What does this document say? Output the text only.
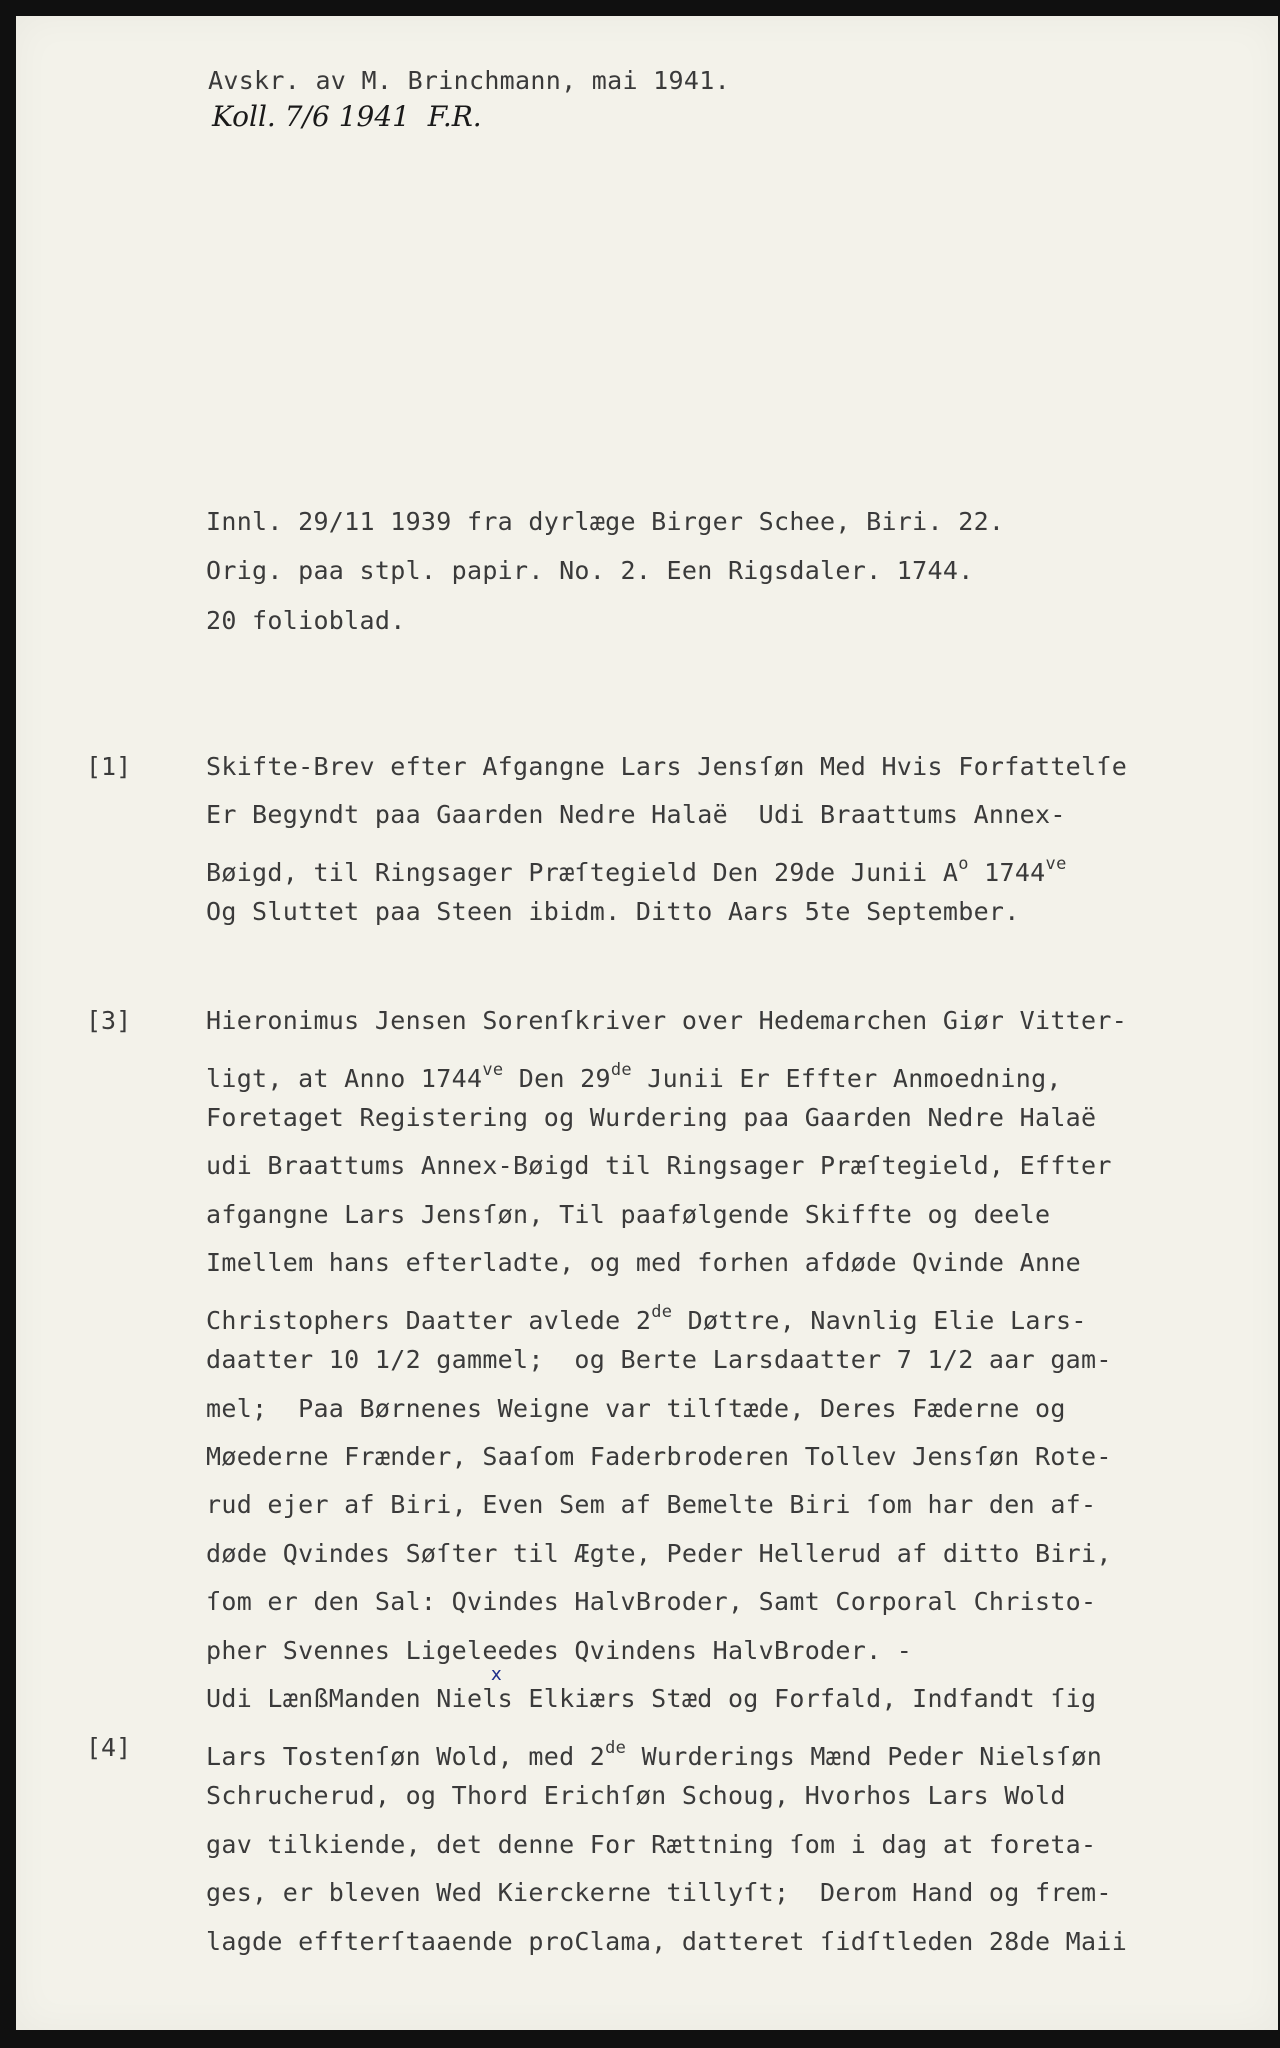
Avskr. av M. Brinchmann, mai 1941.
Koll. 7/6 1941  F.R.
Innl. 29/11 1939 fra dyrlæge Birger Schee, Biri. 22.
Orig. paa stpl. papir. No. 2. Een Rigsdaler. 1744.
20 folioblad.
[1]	Skifte-Brev efter Afgangne Lars Jensſøn Med Hvis Forfattelſe
Er Begyndt paa Gaarden Nedre Halaë  Udi Braattums Annex-
Bøigd, til Ringsager Præſtegield Den 29de Junii $A^o$ $1744^{ve}$
Og Sluttet paa Steen ibidm. Ditto Aars 5te September.
[3]	Hieronimus Jensen Sorenſkriver over Hedemarchen Giør Vitter-
ligt, at Anno $1744^{ve}$ Den 29de Junii Er Effter Anmoedning,
Foretaget Registering og Wurdering paa Gaarden Nedre Halaë
udi Braattums Annex-Bøigd til Ringsager Præſtegield, Effter
afgangne Lars Jensſøn, Til paafølgende Skiffte og deele
Imellem hans efterladte, og med forhen afdøde Qvinde Anne
Christophers Daatter avlede 2de Døttre, Navnlig Elie Lars-
daatter 10 1/2 gammel;  og Berte Larsdaatter 7 1/2 aar gam-
mel;  Paa Børnenes Weigne var tilſtæde, Deres Fæderne og
Møederne Frænder, Saaſom Faderbroderen Tollev Jensſøn Rote-
rud ejer af Biri, Even Sem af Bemelte Biri ſom har den af-
døde Qvindes Søſter til Ægte, Peder Hellerud af ditto Biri,
ſom er den Sal: Qvindes HalvBroder, Samt Corporal Christo-
pher Svennes Ligeleedes Qvindens HalvBroder. -
x
Udi LænßManden Niels Elkiærs Stæd og Forfald, Indfandt ſig
[4]	Lars Tostenſøn Wold, med 2de Wurderings Mænd Peder Nielsſøn
Schrucherud, og Thord Erichſøn Schoug, Hvorhos Lars Wold
gav tilkiende, det denne For Rættning ſom i dag at foreta-
ges, er bleven Wed Kierckerne tillyſt;  Derom Hand og frem-
lagde effterſtaaende proClama, datteret ſidſtleden 28de Maii
